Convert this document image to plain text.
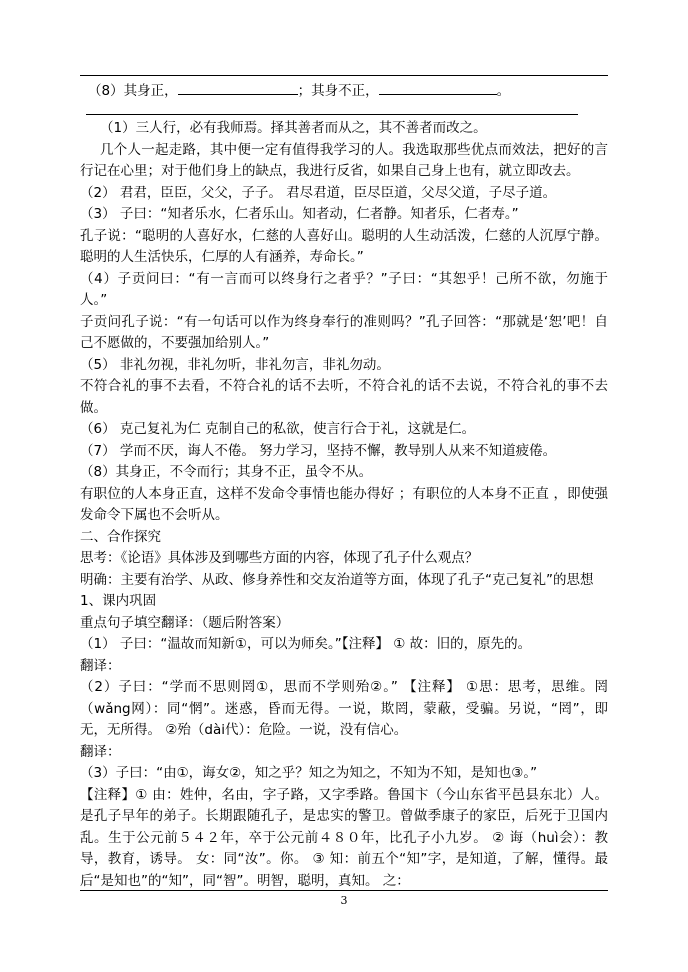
（8）其身正，	；其身不正，	。

（1）三人行，必有我师焉。择其善者而从之，其不善者而改之。

几个人一起走路，其中便一定有值得我学习的人。我选取那些优点而效法，把好的言行记在心里；对于他们身上的缺点，我进行反省，如果自己身上也有，就立即改去。

（2） 君君，臣臣，父父，子子。 君尽君道，臣尽臣道，父尽父道，子尽子道。

（3） 子曰：“知者乐水，仁者乐山。知者动，仁者静。知者乐，仁者寿。”

孔子说：“聪明的人喜好水，仁慈的人喜好山。聪明的人生动活泼，仁慈的人沉厚宁静。聪明的人生活快乐，仁厚的人有涵养，寿命长。”

（4）子贡问曰：“有一言而可以终身行之者乎？”子曰：“其恕乎！己所不欲，勿施于人。”

子贡问孔子说：“有一句话可以作为终身奉行的准则吗？”孔子回答：“那就是‘恕’吧！自己不愿做的，不要强加给别人。”

（5） 非礼勿视，非礼勿听，非礼勿言，非礼勿动。

不符合礼的事不去看，不符合礼的话不去听，不符合礼的话不去说，不符合礼的事不去做。

（6） 克己复礼为仁 克制自己的私欲，使言行合于礼，这就是仁。

（7） 学而不厌，诲人不倦。 努力学习，坚持不懈，教导别人从来不知道疲倦。

（8）其身正，不令而行；其身不正，虽令不从。

有职位的人本身正直，这样不发命令事情也能办得好 ；有职位的人本身不正直 ，即使强发命令下属也不会听从。

二、合作探究

思考：《论语》具体涉及到哪些方面的内容，体现了孔子什么观点？

明确：主要有治学、从政、修身养性和交友治道等方面，体现了孔子“克己复礼”的思想

1、课内巩固

重点句子填空翻译：（题后附答案）

（1） 子曰：“温故而知新①，可以为师矣。”【注释】 ① 故：旧的，原先的。

翻译：

（2）子曰：“学而不思则罔①，思而不学则殆②。” 【注释】 ①思：思考，思维。罔（wǎng网）：同“惘”。迷惑，昏而无得。一说，欺罔，蒙蔽，受骗。另说，“罔”，即无，无所得。 ②殆（dài代）：危险。一说，没有信心。

翻译：

（3）子曰：“由①，诲女②，知之乎？知之为知之，不知为不知，是知也③。”

【注释】① 由：姓仲，名由，字子路，又字季路。鲁国卞（今山东省平邑县东北）人。是孔子早年的弟子。长期跟随孔子，是忠实的警卫。曾做季康子的家臣，后死于卫国内乱。生于公元前５４２年，卒于公元前４８０年，比孔子小九岁。 ② 诲（huì会）：教导，教育，诱导。 女：同“汝”。你。 ③ 知：前五个“知”字，是知道，了解，懂得。最后“是知也”的“知”，同“智”。明智，聪明，真知。 之：

3
